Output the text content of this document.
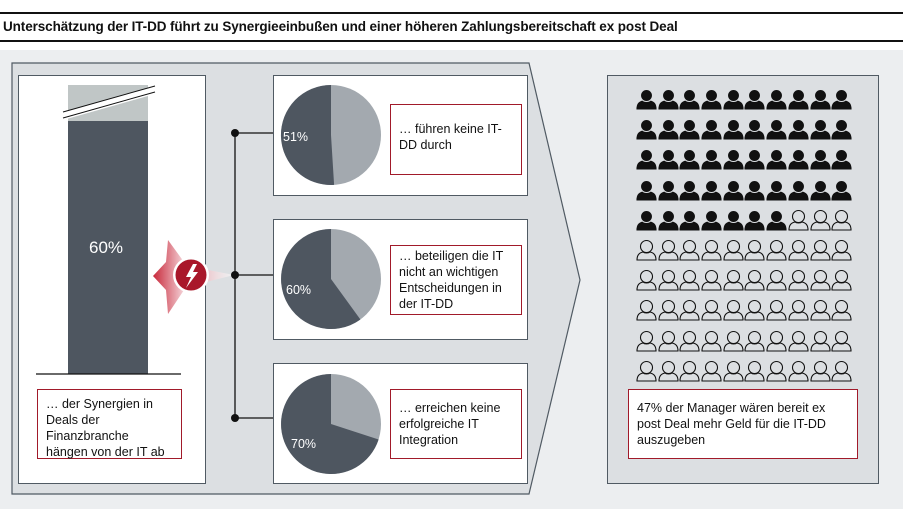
Unterschätzung der IT-DD führt zu Synergieeinbußen und einer höheren Zahlungsbereitschaft ex post Deal
60%
… der Synergien in Deals der Finanzbranche hängen von der IT ab
51%
60%
70%
… führen keine IT-DD durch
… beteiligen die IT nicht an wichtigen Entscheidungen in der IT-DD
… erreichen keine erfolgreiche IT Integration
47% der Manager wären bereit ex post Deal mehr Geld für die IT-DD auszugeben
